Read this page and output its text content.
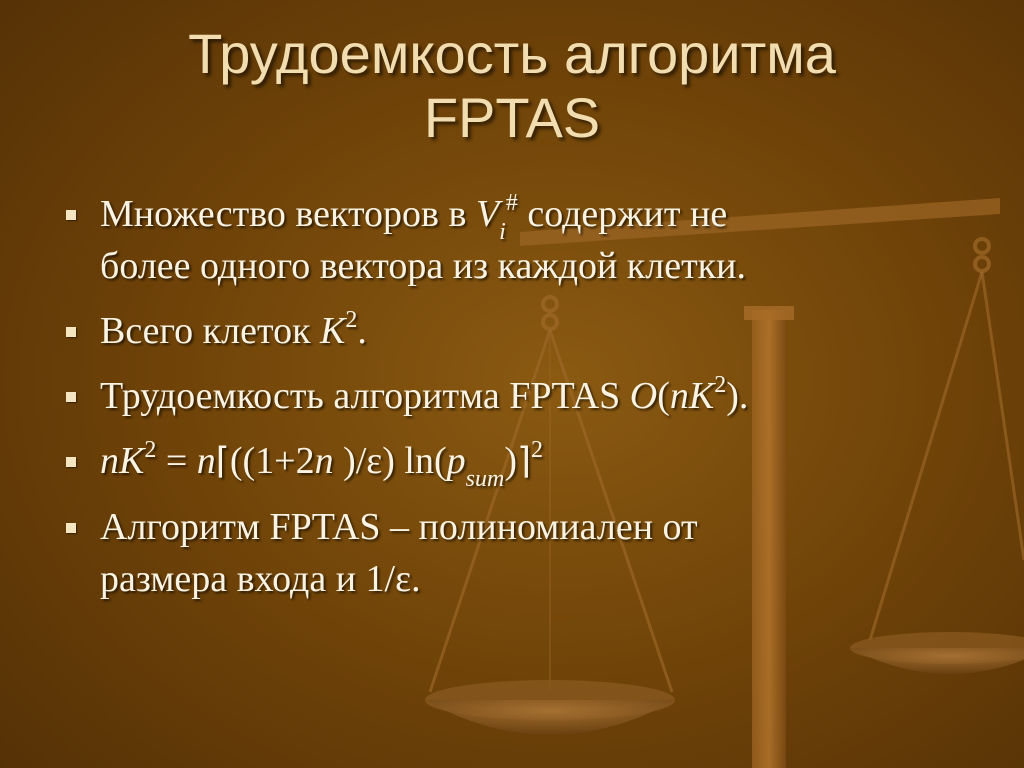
Трудоемкость алгоритма
FPTAS
Множество векторов в $V_i^{\#}$ содержит не
более одного вектора из каждой клетки.
Всего клеток $K^2$.
Трудоемкость алгоритма FPTAS $O(nK^2)$.
$nK^2$ = n⌈((1+2n )/ε) $\ln(p_{sum})⌉^2$
Алгоритм FPTAS – полиномиален от
размера входа и 1/ε.
